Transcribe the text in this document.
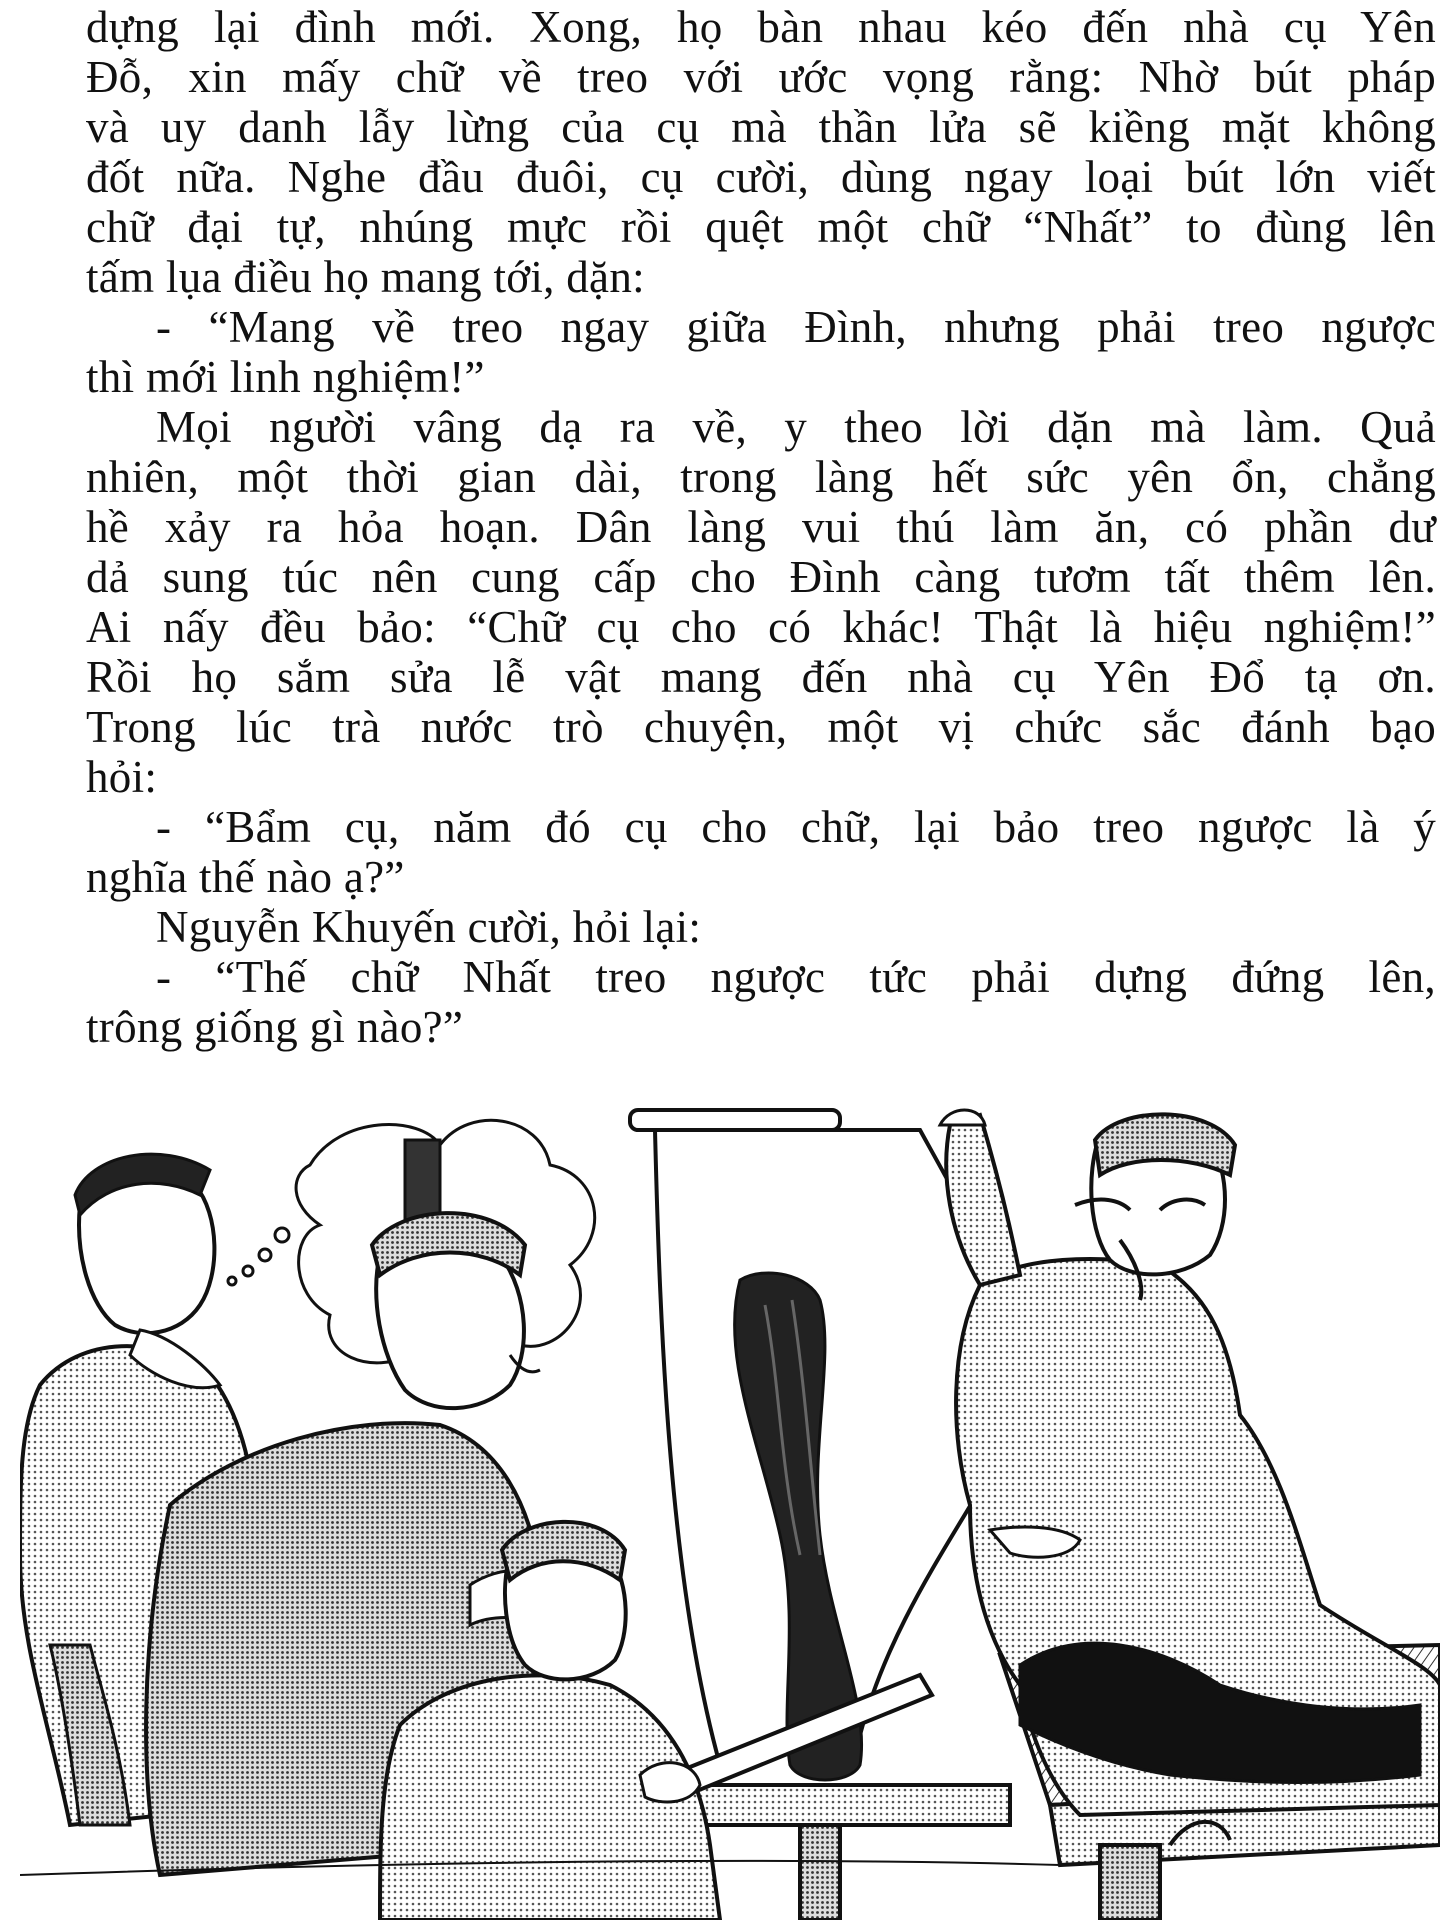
dựng lại đình mới. Xong, họ bàn nhau kéo đến nhà cụ Yên
Đỗ, xin mấy chữ về treo với ước vọng rằng: Nhờ bút pháp
và uy danh lẫy lừng của cụ mà thần lửa sẽ kiềng mặt không
đốt nữa. Nghe đầu đuôi, cụ cười, dùng ngay loại bút lớn viết
chữ đại tự, nhúng mực rồi quệt một chữ “Nhất” to đùng lên
tấm lụa điều họ mang tới, dặn:
- “Mang về treo ngay giữa Đình, nhưng phải treo ngược
thì mới linh nghiệm!”
Mọi người vâng dạ ra về, y theo lời dặn mà làm. Quả
nhiên, một thời gian dài, trong làng hết sức yên ổn, chẳng
hề xảy ra hỏa hoạn. Dân làng vui thú làm ăn, có phần dư
dả sung túc nên cung cấp cho Đình càng tươm tất thêm lên.
Ai nấy đều bảo: “Chữ cụ cho có khác! Thật là hiệu nghiệm!”
Rồi họ sắm sửa lễ vật mang đến nhà cụ Yên Đổ tạ ơn.
Trong lúc trà nước trò chuyện, một vị chức sắc đánh bạo
hỏi:
- “Bẩm cụ, năm đó cụ cho chữ, lại bảo treo ngược là ý
nghĩa thế nào ạ?”
Nguyễn Khuyến cười, hỏi lại:
- “Thế chữ Nhất treo ngược tức phải dựng đứng lên,
trông giống gì nào?”
